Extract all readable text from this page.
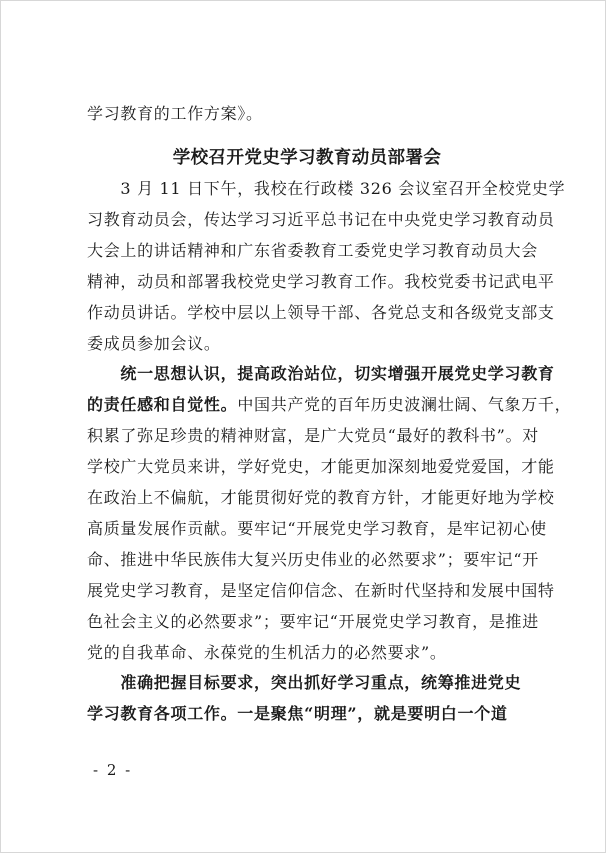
学习教育的工作方案》。
学校召开党史学习教育动员部署会
　　3 月 11 日下午，我校在行政楼 326 会议室召开全校党史学
习教育动员会，传达学习习近平总书记在中央党史学习教育动员
大会上的讲话精神和广东省委教育工委党史学习教育动员大会
精神，动员和部署我校党史学习教育工作。我校党委书记武电平
作动员讲话。学校中层以上领导干部、各党总支和各级党支部支
委成员参加会议。
　　统一思想认识，提高政治站位，切实增强开展党史学习教育
的责任感和自觉性。中国共产党的百年历史波澜壮阔、气象万千，
积累了弥足珍贵的精神财富，是广大党员“最好的教科书”。对
学校广大党员来讲，学好党史，才能更加深刻地爱党爱国，才能
在政治上不偏航，才能贯彻好党的教育方针，才能更好地为学校
高质量发展作贡献。要牢记“开展党史学习教育，是牢记初心使
命、推进中华民族伟大复兴历史伟业的必然要求”；要牢记“开
展党史学习教育，是坚定信仰信念、在新时代坚持和发展中国特
色社会主义的必然要求”；要牢记“开展党史学习教育，是推进
党的自我革命、永葆党的生机活力的必然要求”。
　　准确把握目标要求，突出抓好学习重点，统筹推进党史
学习教育各项工作。一是聚焦“明理”，就是要明白一个道
- 2 -
